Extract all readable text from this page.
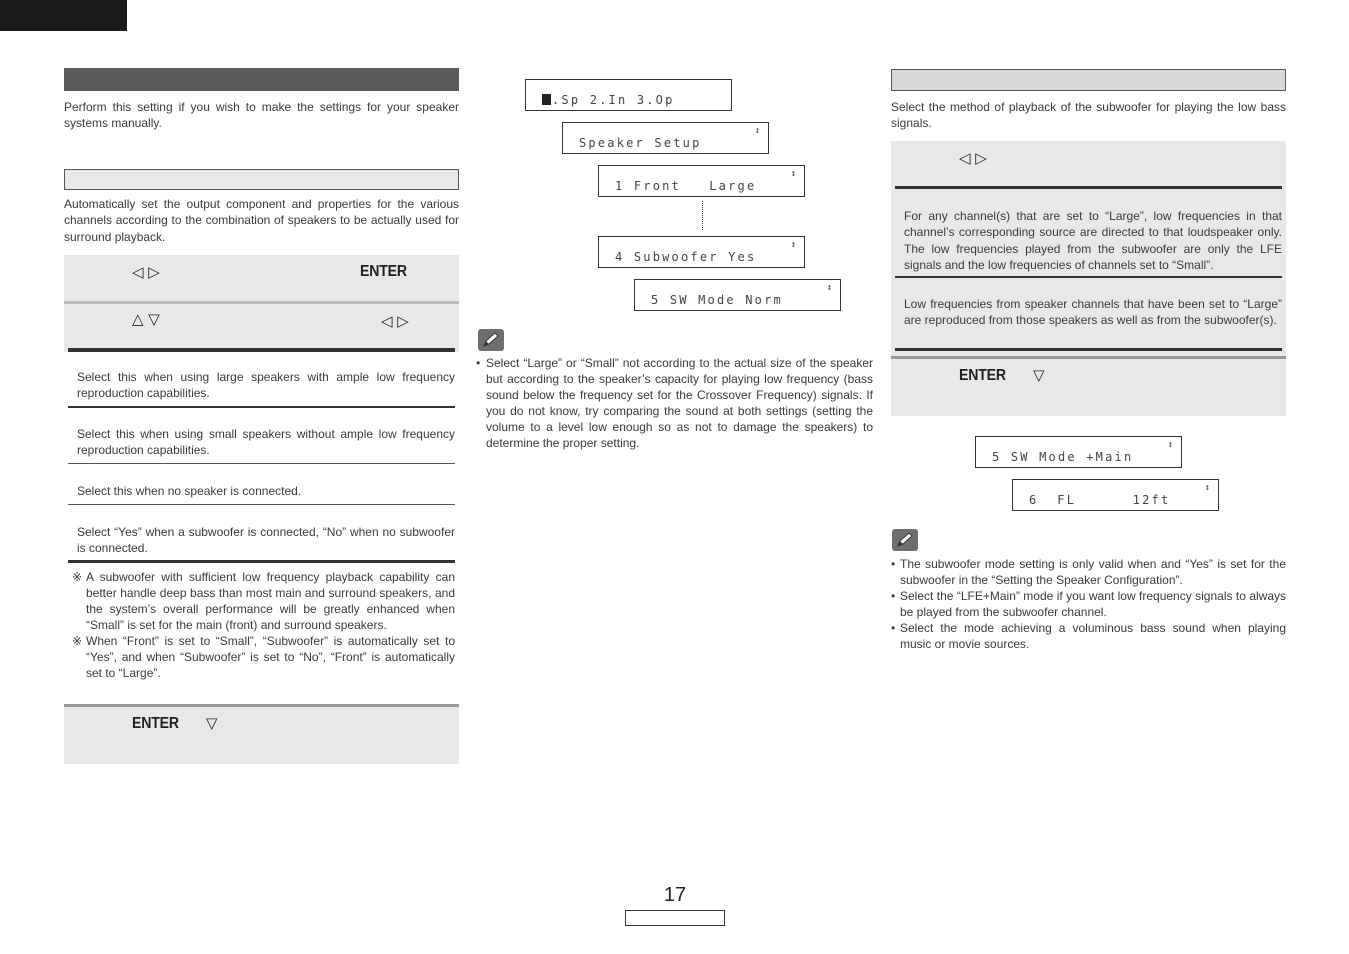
Perform this setting if you wish to make the settings for your speaker systems manually.

Automatically set the output component and properties for the various channels according to the combination of speakers to be actually used for surround playback.

◁ ▷	ENTER
△ ▽	◁ ▷

Select this when using large speakers with ample low frequency reproduction capabilities.

Select this when using small speakers without ample low frequency reproduction capabilities.

Select this when no speaker is connected.

Select “Yes” when a subwoofer is connected, “No” when no subwoofer is connected.

※ A subwoofer with sufficient low frequency playback capability can better handle deep bass than most main and surround speakers, and the system’s overall performance will be greatly enhanced when “Small” is set for the main (front) and surround speakers.
※ When “Front” is set to “Small”, “Subwoofer” is automatically set to “Yes”, and when “Subwoofer” is set to “No”, “Front” is automatically set to “Large”.
ENTER ▽
.Sp 2.In 3.Op
Speaker Setup
↕
1 Front   Large
↕
4 Subwoofer Yes
↕
5 SW Mode Norm
↕
• Select “Large” or “Small” not according to the actual size of the speaker but according to the speaker’s capacity for playing low frequency (bass sound below the frequency set for the Crossover Frequency) signals. If you do not know, try comparing the sound at both settings (setting the volume to a level low enough so as not to damage the speakers) to determine the proper setting.

Select the method of playback of the subwoofer for playing the low bass signals.

◁ ▷

For any channel(s) that are set to “Large”, low frequencies in that channel’s corresponding source are directed to that loudspeaker only. The low frequencies played from the subwoofer are only the LFE signals and the low frequencies of channels set to “Small”.

Low frequencies from speaker channels that have been set to “Large” are reproduced from those speakers as well as from the subwoofer(s).

ENTER ▽
5 SW Mode +Main
↕
6  FL      12ft
↕
• The subwoofer mode setting is only valid when and “Yes” is set for the subwoofer in the “Setting the Speaker Configuration”.
• Select the “LFE+Main” mode if you want low frequency signals to always be played from the subwoofer channel.
• Select the mode achieving a voluminous bass sound when playing music or movie sources.
17
